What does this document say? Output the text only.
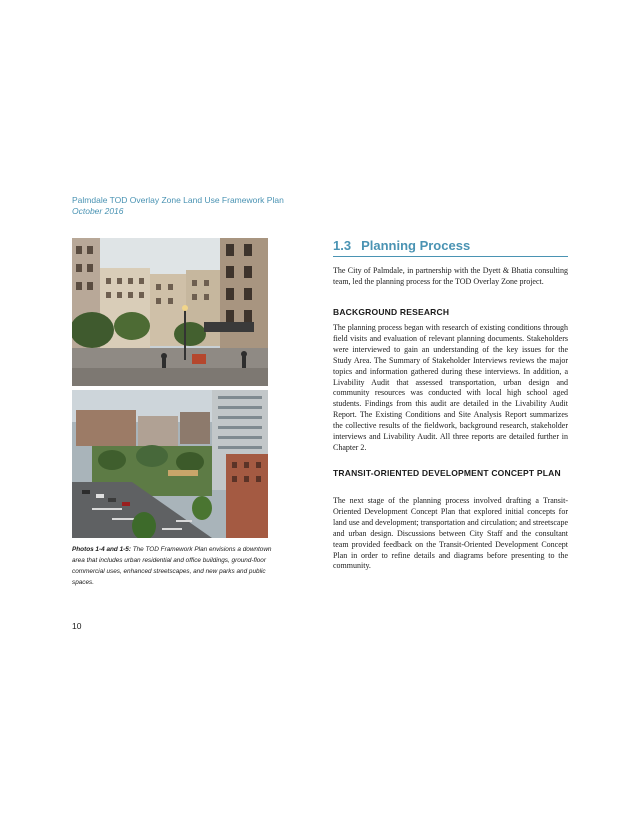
Palmdale TOD Overlay Zone Land Use Framework Plan
October 2016
Photos 1-4 and 1-5: The TOD Framework Plan envisions a downtown area that includes urban residential and office buildings, ground-floor commercial uses, enhanced streetscapes, and new parks and public spaces.
1.3 Planning Process
The City of Palmdale, in partnership with the Dyett & Bhatia consulting team, led the planning process for the TOD Overlay Zone project.
BACKGROUND RESEARCH
The planning process began with research of existing conditions through field visits and evaluation of relevant planning documents. Stakeholders were interviewed to gain an understanding of the key issues for the Study Area. The Summary of Stakeholder Interviews reviews the major topics and information gathered during these interviews. In addition, a Livability Audit that assessed transportation, urban design and community resources was conducted with local high school aged students. Findings from this audit are detailed in the Livability Audit Report. The Existing Conditions and Site Analysis Report summarizes the collective results of the fieldwork, background research, stakeholder interviews and Livability Audit. All three reports are detailed further in Chapter 2.
TRANSIT-ORIENTED DEVELOPMENT CONCEPT PLAN
The next stage of the planning process involved drafting a Transit-Oriented Development Concept Plan that explored initial concepts for land use and development; transportation and circulation; and streetscape and urban design. Discussions between City Staff and the consultant team provided feedback on the Transit-Oriented Development Concept Plan in order to refine details and diagrams before presenting to the community.
10
